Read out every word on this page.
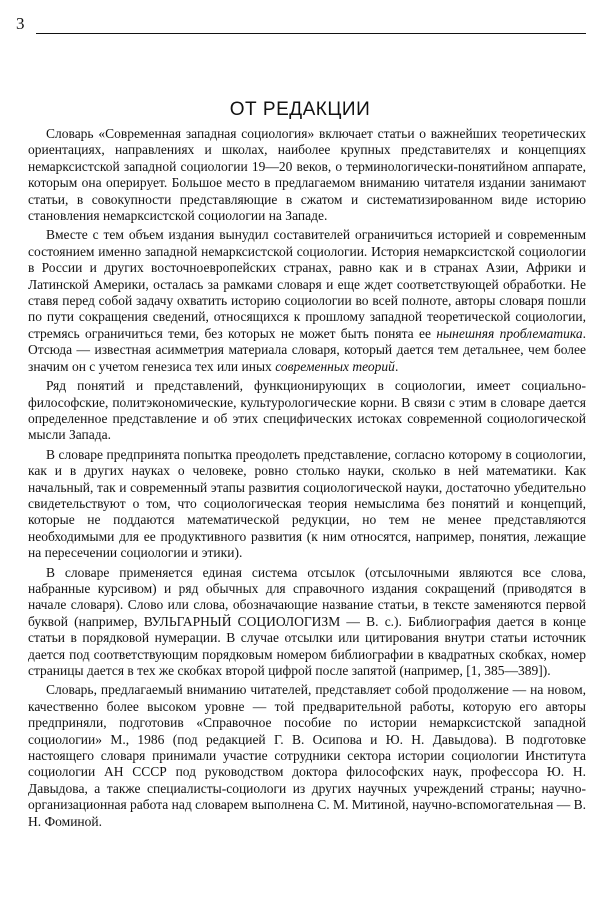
3
ОТ РЕДАКЦИИ

Словарь «Современная западная социология» включает статьи о важнейших теоретических ориентациях, направлениях и школах, наиболее крупных представителях и концепциях немарксистской западной социологии 19—20 веков, о терминологически-понятийном аппарате, которым она оперирует. Большое место в предлагаемом вниманию читателя издании занимают статьи, в совокупности представляющие в сжатом и систематизированном виде историю становления немарксистской социологии на Западе.

Вместе с тем объем издания вынудил составителей ограничиться историей и современным состоянием именно западной немарксистской социологии. История немарксистской социологии в России и других восточноевропейских странах, равно как и в странах Азии, Африки и Латинской Америки, осталась за рамками словаря и еще ждет соответствующей обработки. Не ставя перед собой задачу охватить историю социологии во всей полноте, авторы словаря пошли по пути сокращения сведений, относящихся к прошлому западной теоретической социологии, стремясь ограничиться теми, без которых не может быть понята ее нынешняя проблематика. Отсюда — известная асимметрия материала словаря, который дается тем детальнее, чем более значим он с учетом генезиса тех или иных современных теорий.

Ряд понятий и представлений, функционирующих в социологии, имеет социально-философские, политэкономические, культурологические корни. В связи с этим в словаре дается определенное представление и об этих специфических истоках современной социологической мысли Запада.

В словаре предпринята попытка преодолеть представление, согласно которому в социологии, как и в других науках о человеке, ровно столько науки, сколько в ней математики. Как начальный, так и современный этапы развития социологической науки, достаточно убедительно свидетельствуют о том, что социологическая теория немыслима без понятий и концепций, которые не поддаются математической редукции, но тем не менее представляются необходимыми для ее продуктивного развития (к ним относятся, например, понятия, лежащие на пересечении социологии и этики).

В словаре применяется единая система отсылок (отсылочными являются все слова, набранные курсивом) и ряд обычных для справочного издания сокращений (приводятся в начале словаря). Слово или слова, обозначающие название статьи, в тексте заменяются первой буквой (например, ВУЛЬГАРНЫЙ СОЦИОЛОГИЗМ — В. с.). Библиография дается в конце статьи в порядковой нумерации. В случае отсылки или цитирования внутри статьи источник дается под соответствующим порядковым номером библиографии в квадратных скобках, номер страницы дается в тех же скобках второй цифрой после запятой (например, [1, 385—389]).

Словарь, предлагаемый вниманию читателей, представляет собой продолжение — на новом, качественно более высоком уровне — той предварительной работы, которую его авторы предприняли, подготовив «Справочное пособие по истории немарксистской западной социологии» М., 1986 (под редакцией Г. В. Осипова и Ю. Н. Давыдова). В подготовке настоящего словаря принимали участие сотрудники сектора истории социологии Института социологии АН СССР под руководством доктора философских наук, профессора Ю. Н. Давыдова, а также специалисты-социологи из других научных учреждений страны; научно-организационная работа над словарем выполнена С. М. Митиной, научно-вспомогательная — В. Н. Фоминой.
